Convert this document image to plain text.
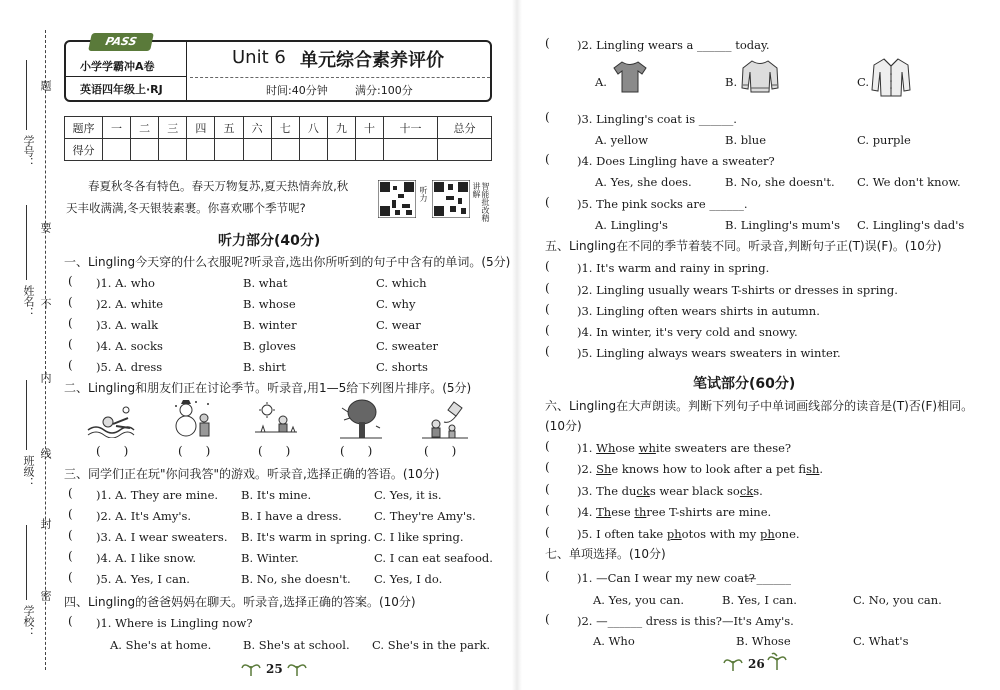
学号：
姓名：
班级：
学校：
题
要
不
内
线
封
密
PASS
小学学霸冲A卷
英语四年级上·RJ
Unit 6 单元综合素养评价
时间:40分钟 满分:100分
题序	一	二	三	四	五	六	七	八	九	十	十一	总分
得分												
春夏秋冬各有特色。春天万物复苏,夏天热情奔放,秋
天丰收满满,冬天银装素裹。你喜欢哪个季节呢?
听力	智能批改精讲解
听力部分(40分)
一、Lingling今天穿的什么衣服呢?听录音,选出你所听到的句子中含有的单词。(5分)
( )1. A. who	B. what	C. which
( )2. A. white	B. whose	C. why
( )3. A. walk	B. winter	C. wear
( )4. A. socks	B. gloves	C. sweater
( )5. A. dress	B. shirt	C. shorts
二、Lingling和朋友们正在讨论季节。听录音,用1—5给下列图片排序。(5分)
(      )	(      )	(      )	(      )	(      )
三、同学们正在玩"你问我答"的游戏。听录音,选择正确的答语。(10分)
( )1. A. They are mine. B. It's mine.	C. Yes, it is.
( )2. A. It's Amy's.	B. I have a dress.	C. They're Amy's.
( )3. A. I wear sweaters. B. It's warm in spring. C. I like spring.
( )4. A. I like snow.	B. Winter.	C. I can eat seafood.
( )5. A. Yes, I can.	B. No, she doesn't. C. Yes, I do.
四、Lingling的爸爸妈妈在聊天。听录音,选择正确的答案。(10分)
( )1. Where is Lingling now?
A. She's at home.	B. She's at school. C. She's in the park.
25
( )2. Lingling wears a ______ today.
A.	B.	C.
( )3. Lingling's coat is ______.
A. yellow	B. blue	C. purple
( )4. Does Lingling have a sweater?
A. Yes, she does.	B. No, she doesn't. C. We don't know.
( )5. The pink socks are ______.
A. Lingling's	B. Lingling's mum's C. Lingling's dad's
五、Lingling在不同的季节着装不同。听录音,判断句子正(T)误(F)。(10分)
( )1. It's warm and rainy in spring.
( )2. Lingling usually wears T-shirts or dresses in spring.
( )3. Lingling often wears shirts in autumn.
( )4. In winter, it's very cold and snowy.
( )5. Lingling always wears sweaters in winter.
笔试部分(60分)
六、Lingling在大声朗读。判断下列句子中单词画线部分的读音是(T)否(F)相同。
(10分)
( )1. Whose white sweaters are these?
( )2. She knows how to look after a pet fish.
( )3. The ducks wear black socks.
( )4. These three T-shirts are mine.
( )5. I often take photos with my phone.
七、单项选择。(10分)
( )1. —Can I wear my new coat?
—______
A. Yes, you can.	B. Yes, I can.	C. No, you can.
( )2. —______ dress is this? —It's Amy's.
A. Who	B. Whose	C. What's
26
